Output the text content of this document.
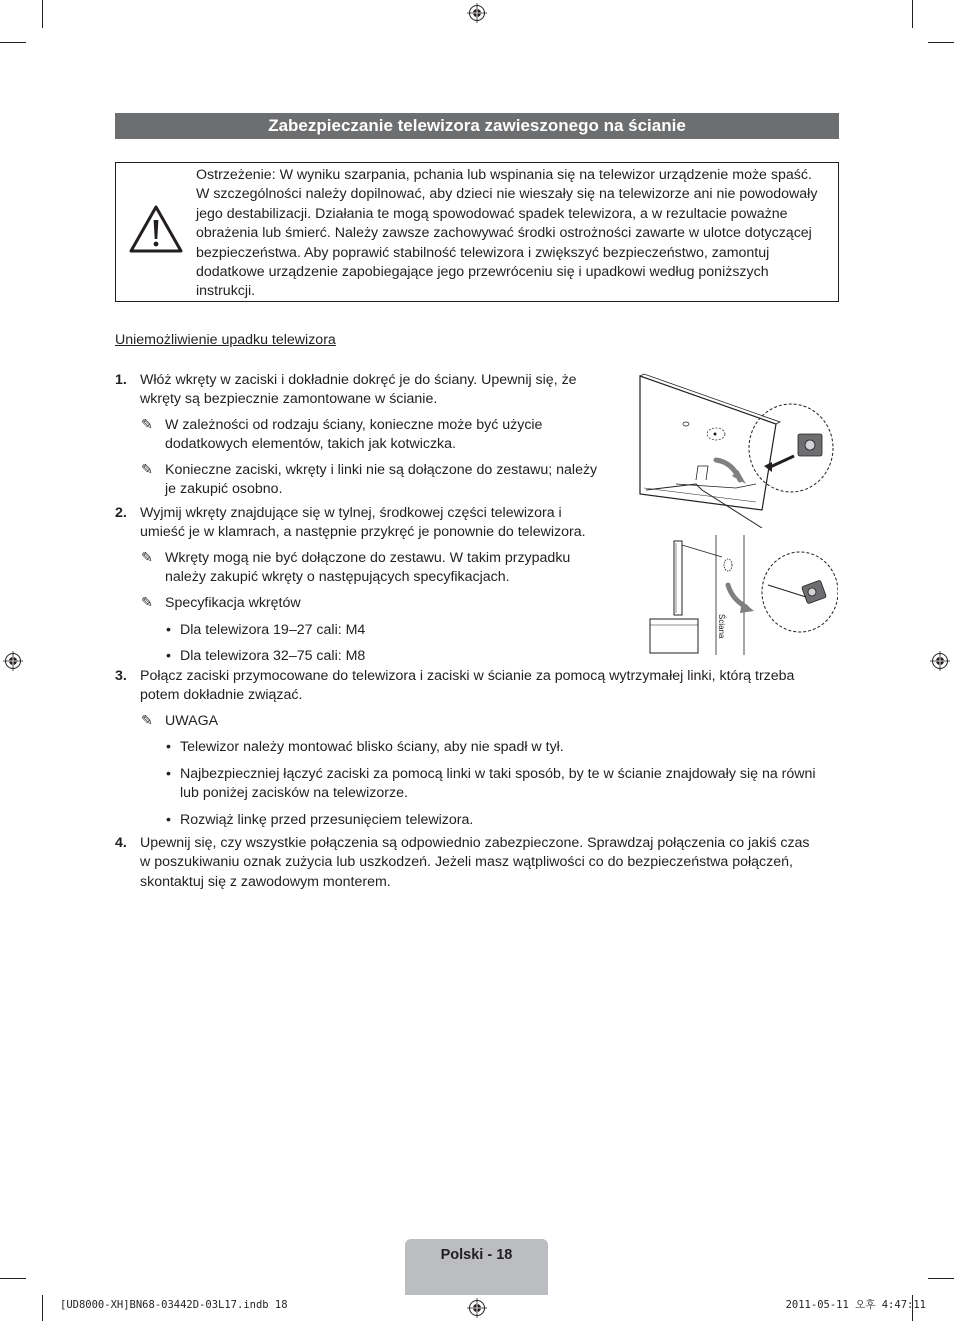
Zabezpieczanie telewizora zawieszonego na ścianie
Ostrzeżenie: W wyniku szarpania, pchania lub wspinania się na telewizor urządzenie może spaść.
W szczególności należy dopilnować, aby dzieci nie wieszały się na telewizorze ani nie powodowały
jego destabilizacji. Działania te mogą spowodować spadek telewizora, a w rezultacie poważne
obrażenia lub śmierć. Należy zawsze zachowywać środki ostrożności zawarte w ulotce dotyczącej
bezpieczeństwa. Aby poprawić stabilność telewizora i zwiększyć bezpieczeństwo, zamontuj
dodatkowe urządzenie zapobiegające jego przewróceniu się i upadkowi według poniższych
instrukcji.
Uniemożliwienie upadku telewizora
1. Włóż wkręty w zaciski i dokładnie dokręć je do ściany. Upewnij się, że
wkręty są bezpiecznie zamontowane w ścianie.
✎ W zależności od rodzaju ściany, konieczne może być użycie
dodatkowych elementów, takich jak kotwiczka.
✎ Konieczne zaciski, wkręty i linki nie są dołączone do zestawu; należy
je zakupić osobno.
2. Wyjmij wkręty znajdujące się w tylnej, środkowej części telewizora i
umieść je w klamrach, a następnie przykręć je ponownie do telewizora.
✎ Wkręty mogą nie być dołączone do zestawu. W takim przypadku
należy zakupić wkręty o następujących specyfikacjach.
✎ Specyfikacja wkrętów
• Dla telewizora 19–27 cali: M4
• Dla telewizora 32–75 cali: M8
3. Połącz zaciski przymocowane do telewizora i zaciski w ścianie za pomocą wytrzymałej linki, którą trzeba
potem dokładnie związać.
✎ UWAGA
• Telewizor należy montować blisko ściany, aby nie spadł w tył.
• Najbezpieczniej łączyć zaciski za pomocą linki w taki sposób, by te w ścianie znajdowały się na równi
lub poniżej zacisków na telewizorze.
• Rozwiąż linkę przed przesunięciem telewizora.
4. Upewnij się, czy wszystkie połączenia są odpowiednio zabezpieczone. Sprawdzaj połączenia co jakiś czas
w poszukiwaniu oznak zużycia lub uszkodzeń. Jeżeli masz wątpliwości co do bezpieczeństwa połączeń,
skontaktuj się z zawodowym monterem.
Ściana
Polski - 18
[UD8000-XH]BN68-03442D-03L17.indb 18	2011-05-11 오후 4:47:11
